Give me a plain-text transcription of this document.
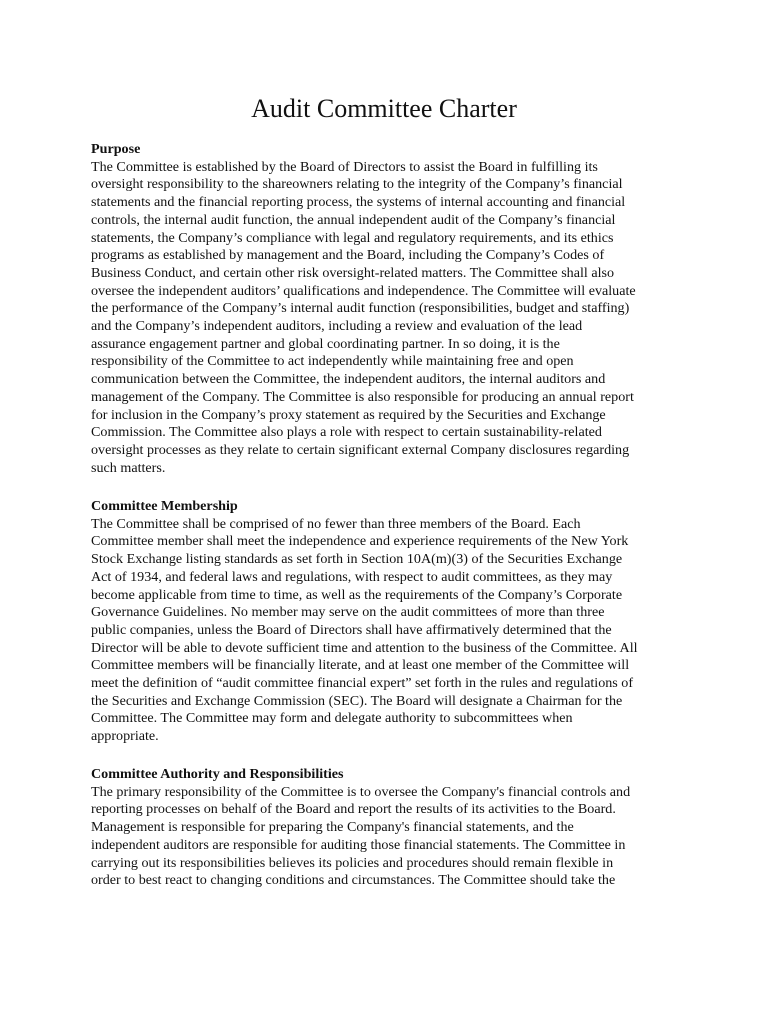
Audit Committee Charter
Purpose
The Committee is established by the Board of Directors to assist the Board in fulfilling its
oversight responsibility to the shareowners relating to the integrity of the Company’s financial
statements and the financial reporting process, the systems of internal accounting and financial
controls, the internal audit function, the annual independent audit of the Company’s financial
statements, the Company’s compliance with legal and regulatory requirements, and its ethics
programs as established by management and the Board, including the Company’s Codes of
Business Conduct, and certain other risk oversight-related matters. The Committee shall also
oversee the independent auditors’ qualifications and independence. The Committee will evaluate
the performance of the Company’s internal audit function (responsibilities, budget and staffing)
and the Company’s independent auditors, including a review and evaluation of the lead
assurance engagement partner and global coordinating partner. In so doing, it is the
responsibility of the Committee to act independently while maintaining free and open
communication between the Committee, the independent auditors, the internal auditors and
management of the Company. The Committee is also responsible for producing an annual report
for inclusion in the Company’s proxy statement as required by the Securities and Exchange
Commission. The Committee also plays a role with respect to certain sustainability-related
oversight processes as they relate to certain significant external Company disclosures regarding
such matters.
Committee Membership
The Committee shall be comprised of no fewer than three members of the Board. Each
Committee member shall meet the independence and experience requirements of the New York
Stock Exchange listing standards as set forth in Section 10A(m)(3) of the Securities Exchange
Act of 1934, and federal laws and regulations, with respect to audit committees, as they may
become applicable from time to time, as well as the requirements of the Company’s Corporate
Governance Guidelines. No member may serve on the audit committees of more than three
public companies, unless the Board of Directors shall have affirmatively determined that the
Director will be able to devote sufficient time and attention to the business of the Committee. All
Committee members will be financially literate, and at least one member of the Committee will
meet the definition of “audit committee financial expert” set forth in the rules and regulations of
the Securities and Exchange Commission (SEC). The Board will designate a Chairman for the
Committee. The Committee may form and delegate authority to subcommittees when
appropriate.
Committee Authority and Responsibilities
The primary responsibility of the Committee is to oversee the Company's financial controls and
reporting processes on behalf of the Board and report the results of its activities to the Board.
Management is responsible for preparing the Company's financial statements, and the
independent auditors are responsible for auditing those financial statements. The Committee in
carrying out its responsibilities believes its policies and procedures should remain flexible in
order to best react to changing conditions and circumstances. The Committee should take the
